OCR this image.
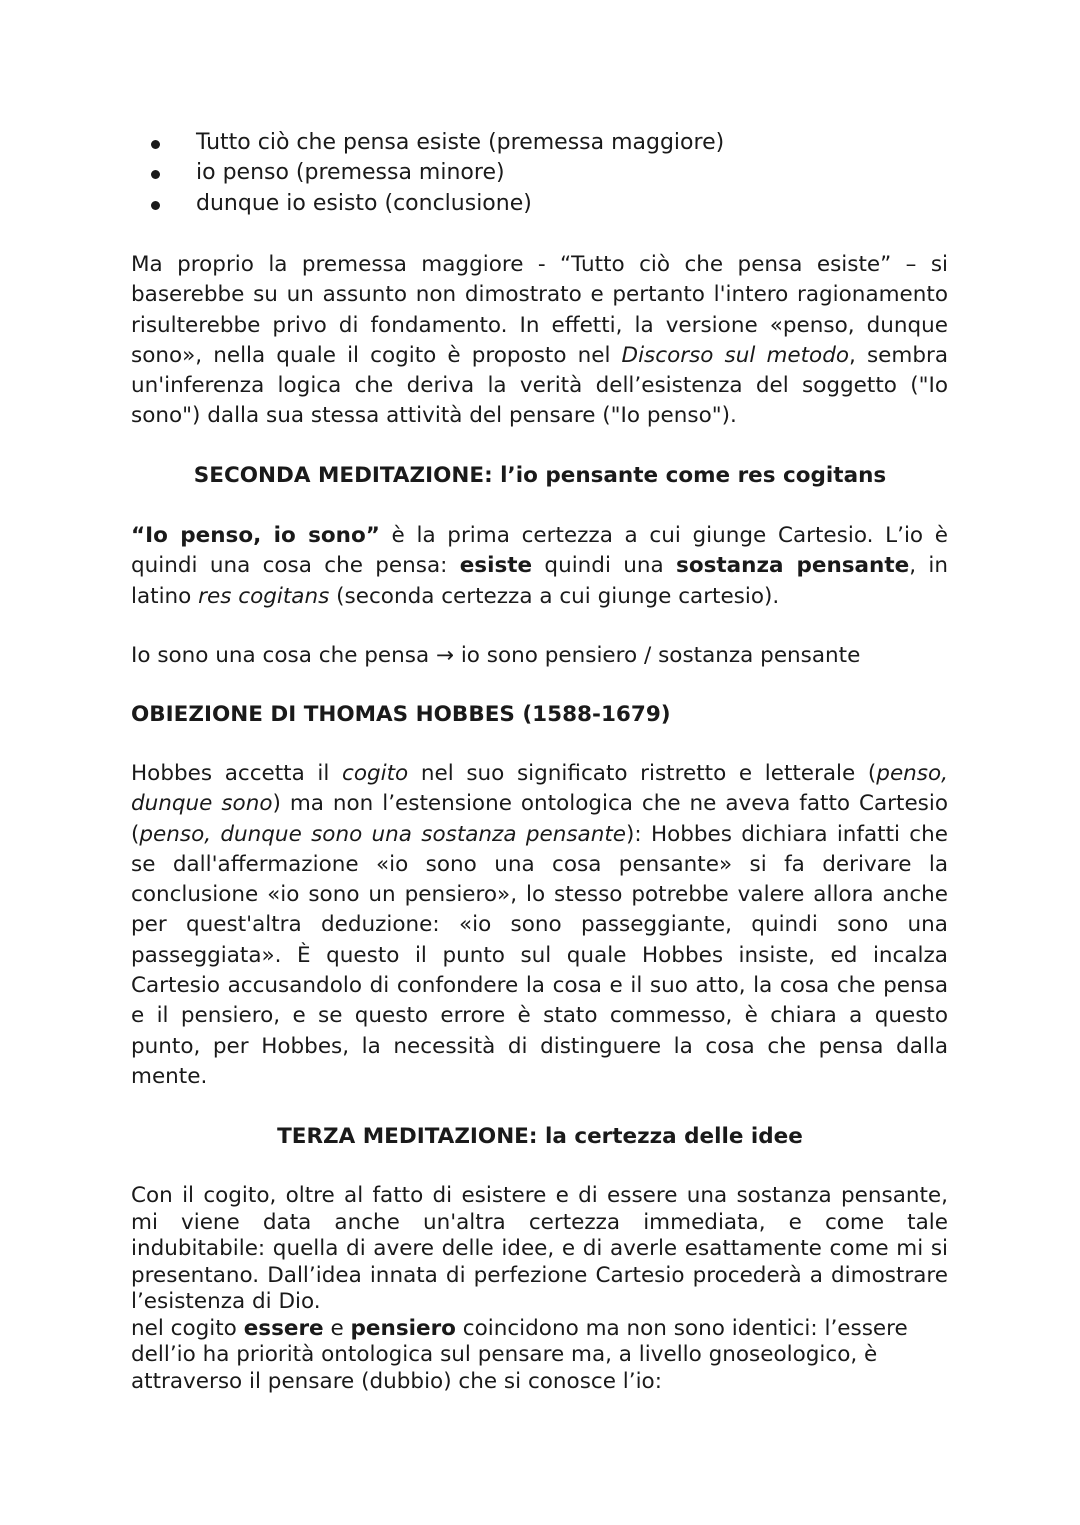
Tutto ciò che pensa esiste (premessa maggiore)
io penso (premessa minore)
dunque io esisto (conclusione)

Ma proprio la premessa maggiore - “Tutto ciò che pensa esiste” – si
baserebbe su un assunto non dimostrato e pertanto l'intero ragionamento
risulterebbe privo di fondamento. In effetti, la versione «penso, dunque
sono», nella quale il cogito è proposto nel Discorso sul metodo, sembra
un'inferenza logica che deriva la verità dell’esistenza del soggetto ("Io
sono") dalla sua stessa attività del pensare ("Io penso").

SECONDA MEDITAZIONE: l’io pensante come res cogitans

“Io penso, io sono” è la prima certezza a cui giunge Cartesio. L’io è
quindi una cosa che pensa: esiste quindi una sostanza pensante, in
latino res cogitans (seconda certezza a cui giunge cartesio).

Io sono una cosa che pensa → io sono pensiero / sostanza pensante

OBIEZIONE DI THOMAS HOBBES (1588-1679)

Hobbes accetta il cogito nel suo significato ristretto e letterale (penso,
dunque sono) ma non l’estensione ontologica che ne aveva fatto Cartesio
(penso, dunque sono una sostanza pensante): Hobbes dichiara infatti che
se dall'affermazione «io sono una cosa pensante» si fa derivare la
conclusione «io sono un pensiero», lo stesso potrebbe valere allora anche
per quest'altra deduzione: «io sono passeggiante, quindi sono una
passeggiata». È questo il punto sul quale Hobbes insiste, ed incalza
Cartesio accusandolo di confondere la cosa e il suo atto, la cosa che pensa
e il pensiero, e se questo errore è stato commesso, è chiara a questo
punto, per Hobbes, la necessità di distinguere la cosa che pensa dalla
mente.

TERZA MEDITAZIONE: la certezza delle idee

Con il cogito, oltre al fatto di esistere e di essere una sostanza pensante,
mi viene data anche un'altra certezza immediata, e come tale
indubitabile: quella di avere delle idee, e di averle esattamente come mi si
presentano. Dall’idea innata di perfezione Cartesio procederà a dimostrare
l’esistenza di Dio.
nel cogito essere e pensiero coincidono ma non sono identici: l’essere
dell’io ha priorità ontologica sul pensare ma, a livello gnoseologico, è
attraverso il pensare (dubbio) che si conosce l’io:
